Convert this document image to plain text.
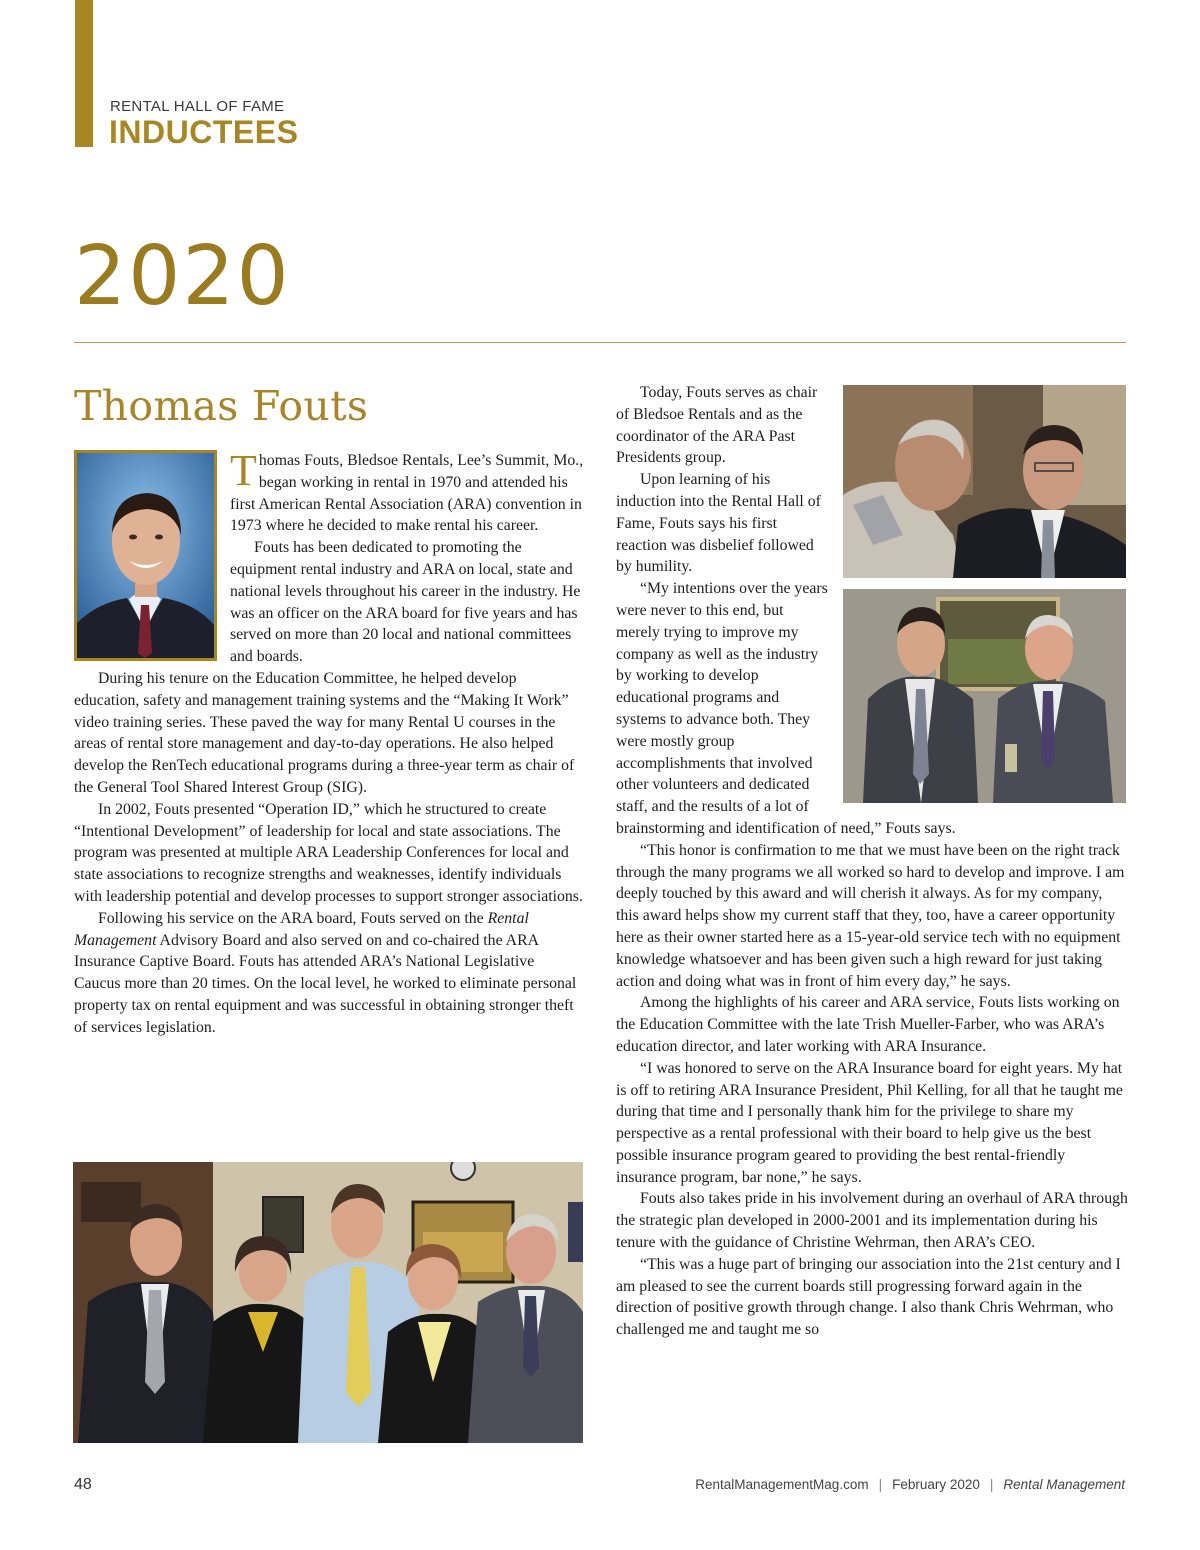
RENTAL HALL OF FAME
INDUCTEES
2020
Thomas Fouts

Thomas Fouts, Bledsoe Rentals, Lee’s Summit, Mo., began working in rental in 1970 and attended his first American Rental Association (ARA) convention in 1973 where he decided to make rental his career.

Fouts has been dedicated to promoting the equipment rental industry and ARA on local, state and national levels throughout his career in the industry. He was an officer on the ARA board for five years and has served on more than 20 local and national committees and boards.

During his tenure on the Education Committee, he helped develop education, safety and management training systems and the “Making It Work” video training series. These paved the way for many Rental U courses in the areas of rental store management and day-to-day operations. He also helped develop the RenTech educational programs during a three-year term as chair of the General Tool Shared Interest Group (SIG).

In 2002, Fouts presented “Operation ID,” which he structured to create “Intentional Development” of leadership for local and state associations. The program was presented at multiple ARA Leadership Conferences for local and state associations to recognize strengths and weaknesses, identify individuals with leadership potential and develop processes to support stronger associations.

Following his service on the ARA board, Fouts served on the Rental Management Advisory Board and also served on and co-chaired the ARA Insurance Captive Board. Fouts has attended ARA’s National Legislative Caucus more than 20 times. On the local level, he worked to eliminate personal property tax on rental equipment and was successful in obtaining stronger theft of services legislation.

Today, Fouts serves as chair of Bledsoe Rentals and as the coordinator of the ARA Past Presidents group.

Upon learning of his induction into the Rental Hall of Fame, Fouts says his first reaction was disbelief followed by humility.

“My intentions over the years were never to this end, but merely trying to improve my company as well as the industry by working to develop educational programs and systems to advance both. They were mostly group accomplishments that involved other volunteers and dedicated staff, and the results of a lot of brainstorming and identification of need,” Fouts says.

“This honor is confirmation to me that we must have been on the right track through the many programs we all worked so hard to develop and improve. I am deeply touched by this award and will cherish it always. As for my company, this award helps show my current staff that they, too, have a career opportunity here as their owner started here as a 15-year-old service tech with no equipment knowledge whatsoever and has been given such a high reward for just taking action and doing what was in front of him every day,” he says.

Among the highlights of his career and ARA service, Fouts lists working on the Education Committee with the late Trish Mueller-Farber, who was ARA’s education director, and later working with ARA Insurance.

“I was honored to serve on the ARA Insurance board for eight years. My hat is off to retiring ARA Insurance President, Phil Kelling, for all that he taught me during that time and I personally thank him for the privilege to share my perspective as a rental professional with their board to help give us the best possible insurance program geared to providing the best rental-friendly insurance program, bar none,” he says.

Fouts also takes pride in his involvement during an overhaul of ARA through the strategic plan developed in 2000-2001 and its implementation during his tenure with the guidance of Christine Wehrman, then ARA’s CEO.

“This was a huge part of bringing our association into the 21st century and I am pleased to see the current boards still progressing forward again in the direction of positive growth through change. I also thank Chris Wehrman, who challenged me and taught me so

48	RentalManagementMag.com | February 2020 | Rental Management
